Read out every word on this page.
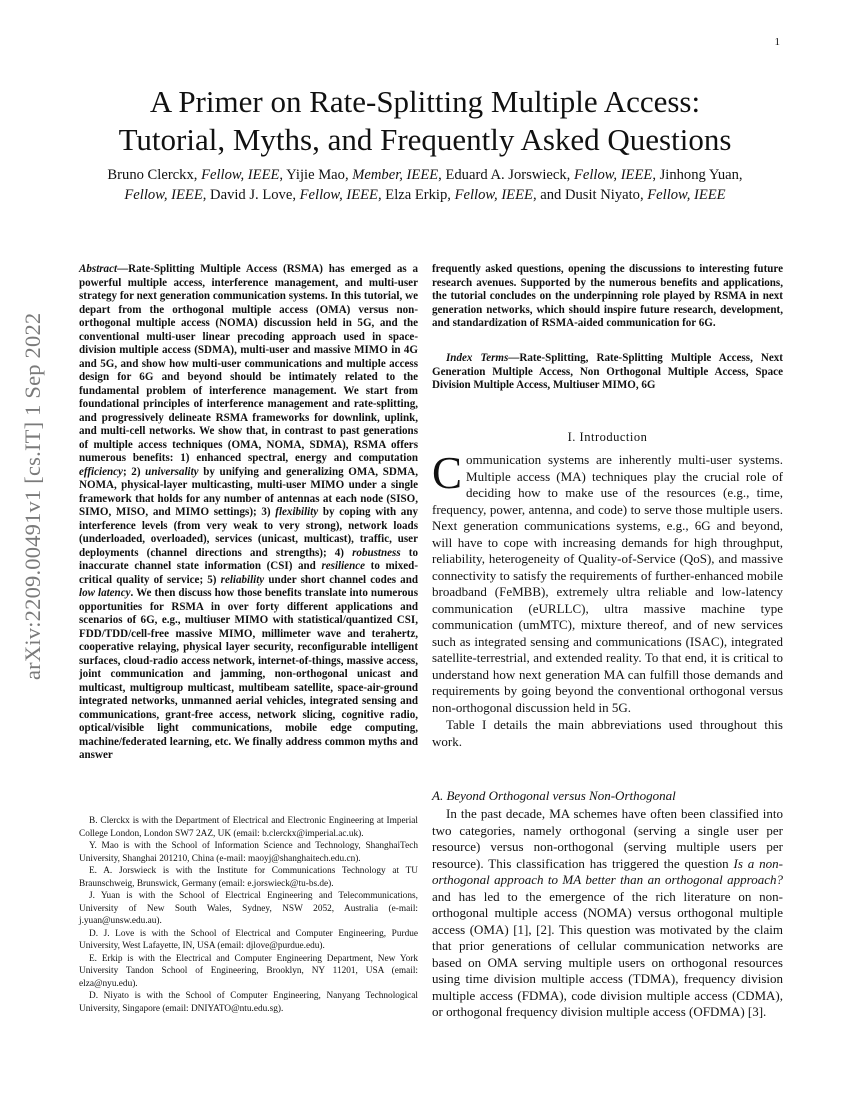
1
arXiv:2209.00491v1 [cs.IT] 1 Sep 2022
A Primer on Rate-Splitting Multiple Access:
Tutorial, Myths, and Frequently Asked Questions
Bruno Clerckx, Fellow, IEEE, Yijie Mao, Member, IEEE, Eduard A. Jorswieck, Fellow, IEEE, Jinhong Yuan,
Fellow, IEEE, David J. Love, Fellow, IEEE, Elza Erkip, Fellow, IEEE, and Dusit Niyato, Fellow, IEEE
Abstract—Rate-Splitting Multiple Access (RSMA) has emerged as a powerful multiple access, interference management, and multi-user strategy for next generation communication systems. In this tutorial, we depart from the orthogonal multiple access (OMA) versus non-orthogonal multiple access (NOMA) discussion held in 5G, and the conventional multi-user linear precoding approach used in space-division multiple access (SDMA), multi-user and massive MIMO in 4G and 5G, and show how multi-user communications and multiple access design for 6G and beyond should be intimately related to the fundamental problem of interference management. We start from foundational principles of interference management and rate-splitting, and progressively delineate RSMA frameworks for downlink, uplink, and multi-cell networks. We show that, in contrast to past generations of multiple access techniques (OMA, NOMA, SDMA), RSMA offers numerous benefits: 1) enhanced spectral, energy and computation efficiency; 2) universality by unifying and generalizing OMA, SDMA, NOMA, physical-layer multicasting, multi-user MIMO under a single framework that holds for any number of antennas at each node (SISO, SIMO, MISO, and MIMO settings); 3) flexibility by coping with any interference levels (from very weak to very strong), network loads (underloaded, overloaded), services (unicast, multicast), traffic, user deployments (channel directions and strengths); 4) robustness to inaccurate channel state information (CSI) and resilience to mixed-critical quality of service; 5) reliability under short channel codes and low latency. We then discuss how those benefits translate into numerous opportunities for RSMA in over forty different applications and scenarios of 6G, e.g., multiuser MIMO with statistical/quantized CSI, FDD/TDD/cell-free massive MIMO, millimeter wave and terahertz, cooperative relaying, physical layer security, reconfigurable intelligent surfaces, cloud-radio access network, internet-of-things, massive access, joint communication and jamming, non-orthogonal unicast and multicast, multigroup multicast, multibeam satellite, space-air-ground integrated networks, unmanned aerial vehicles, integrated sensing and communications, grant-free access, network slicing, cognitive radio, optical/visible light communications, mobile edge computing, machine/federated learning, etc. We finally address common myths and answer

B. Clerckx is with the Department of Electrical and Electronic Engineering at Imperial College London, London SW7 2AZ, UK (email: b.clerckx@imperial.ac.uk).

Y. Mao is with the School of Information Science and Technology, ShanghaiTech University, Shanghai 201210, China (e-mail: maoyj@shanghaitech.edu.cn).

E. A. Jorswieck is with the Institute for Communications Technology at TU Braunschweig, Brunswick, Germany (email: e.jorswieck@tu-bs.de).

J. Yuan is with the School of Electrical Engineering and Telecommunications, University of New South Wales, Sydney, NSW 2052, Australia (e-mail: j.yuan@unsw.edu.au).

D. J. Love is with the School of Electrical and Computer Engineering, Purdue University, West Lafayette, IN, USA (email: djlove@purdue.edu).

E. Erkip is with the Electrical and Computer Engineering Department, New York University Tandon School of Engineering, Brooklyn, NY 11201, USA (email: elza@nyu.edu).

D. Niyato is with the School of Computer Engineering, Nanyang Technological University, Singapore (email: DNIYATO@ntu.edu.sg).

frequently asked questions, opening the discussions to interesting future research avenues. Supported by the numerous benefits and applications, the tutorial concludes on the underpinning role played by RSMA in next generation networks, which should inspire future research, development, and standardization of RSMA-aided communication for 6G.
Index Terms—Rate-Splitting, Rate-Splitting Multiple Access, Next Generation Multiple Access, Non Orthogonal Multiple Access, Space Division Multiple Access, Multiuser MIMO, 6G
I. Introduction

Communication systems are inherently multi-user systems. Multiple access (MA) techniques play the crucial role of deciding how to make use of the resources (e.g., time, frequency, power, antenna, and code) to serve those multiple users. Next generation communications systems, e.g., 6G and beyond, will have to cope with increasing demands for high throughput, reliability, heterogeneity of Quality-of-Service (QoS), and massive connectivity to satisfy the requirements of further-enhanced mobile broadband (FeMBB), extremely ultra reliable and low-latency communication (eURLLC), ultra massive machine type communication (umMTC), mixture thereof, and of new services such as integrated sensing and communications (ISAC), integrated satellite-terrestrial, and extended reality. To that end, it is critical to understand how next generation MA can fulfill those demands and requirements by going beyond the conventional orthogonal versus non-orthogonal discussion held in 5G.

Table I details the main abbreviations used throughout this work.

A. Beyond Orthogonal versus Non-Orthogonal
In the past decade, MA schemes have often been classified into two categories, namely orthogonal (serving a single user per resource) versus non-orthogonal (serving multiple users per resource). This classification has triggered the question Is a non-orthogonal approach to MA better than an orthogonal approach? and has led to the emergence of the rich literature on non-orthogonal multiple access (NOMA) versus orthogonal multiple access (OMA) [1], [2]. This question was motivated by the claim that prior generations of cellular communication networks are based on OMA serving multiple users on orthogonal resources using time division multiple access (TDMA), frequency division multiple access (FDMA), code division multiple access (CDMA), or orthogonal frequency division multiple access (OFDMA) [3].
